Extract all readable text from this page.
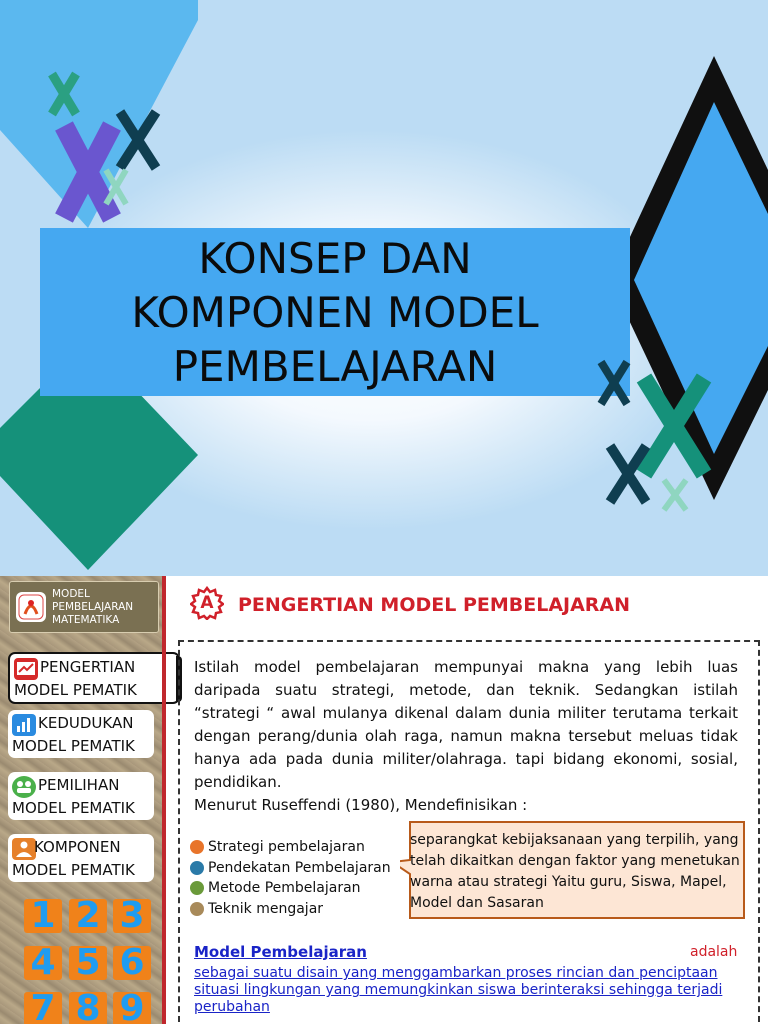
KONSEP DAN
KOMPONEN MODEL
PEMBELAJARAN
MODEL
PEMBELAJARAN
MATEMATIKA
PENGERTIAN
MODEL PEMATIK
KEDUDUKAN
MODEL PEMATIK
PEMILIHAN
MODEL PEMATIK
KOMPONEN
MODEL PEMATIK
1 2 3
4 5 6
7 8 9
A PENGERTIAN MODEL PEMBELAJARAN

Istilah model pembelajaran mempunyai makna yang lebih luas daripada suatu strategi, metode, dan teknik. Sedangkan istilah “strategi “ awal mulanya dikenal dalam dunia militer terutama terkait dengan perang/dunia olah raga, namun makna tersebut meluas tidak hanya ada pada dunia militer/olahraga. tapi bidang ekonomi, sosial, pendidikan.

Menurut Ruseffendi (1980), Mendefinisikan :

Strategi pembelajaran
Pendekatan Pembelajaran
Metode Pembelajaran
Teknik mengajar
separangkat kebijaksanaan yang terpilih, yang telah dikaitkan dengan faktor yang menetukan warna atau strategi Yaitu guru, Siswa, Mapel, Model dan Sasaran
Model Pembelajaran	adalah
sebagai suatu disain yang menggambarkan proses rincian dan penciptaan situasi lingkungan yang memungkinkan siswa berinteraksi sehingga terjadi perubahan
